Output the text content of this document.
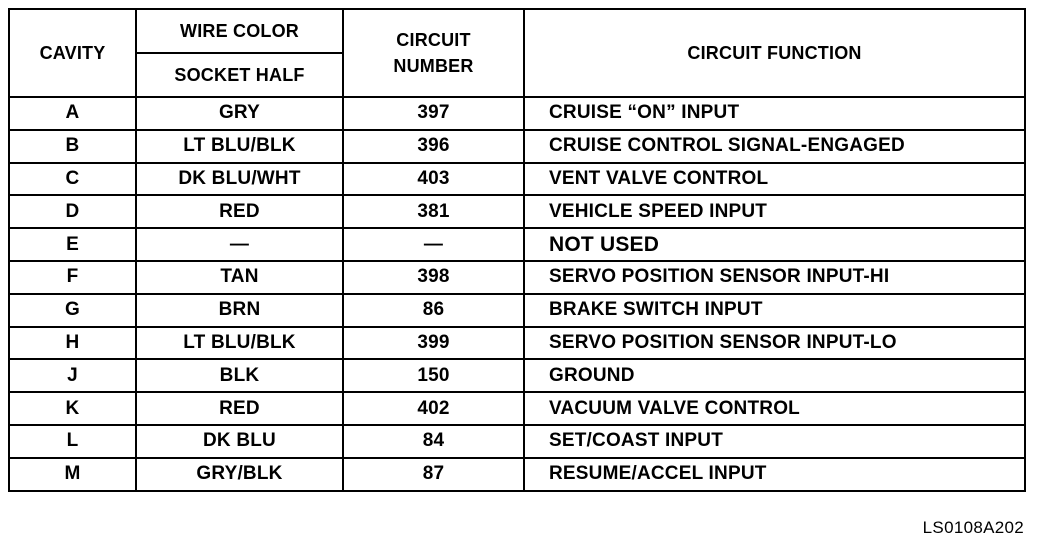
CAVITY	WIRE COLOR	CIRCUIT NUMBER	CIRCUIT FUNCTION
	SOCKET HALF		
A	GRY	397	CRUISE “ON” INPUT
B	LT BLU/BLK	396	CRUISE CONTROL SIGNAL-ENGAGED
C	DK BLU/WHT	403	VENT VALVE CONTROL
D	RED	381	VEHICLE SPEED INPUT
E	—	—	NOT USED
F	TAN	398	SERVO POSITION SENSOR INPUT-HI
G	BRN	86	BRAKE SWITCH INPUT
H	LT BLU/BLK	399	SERVO POSITION SENSOR INPUT-LO
J	BLK	150	GROUND
K	RED	402	VACUUM VALVE CONTROL
L	DK BLU	84	SET/COAST INPUT
M	GRY/BLK	87	RESUME/ACCEL INPUT
LS0108A202
